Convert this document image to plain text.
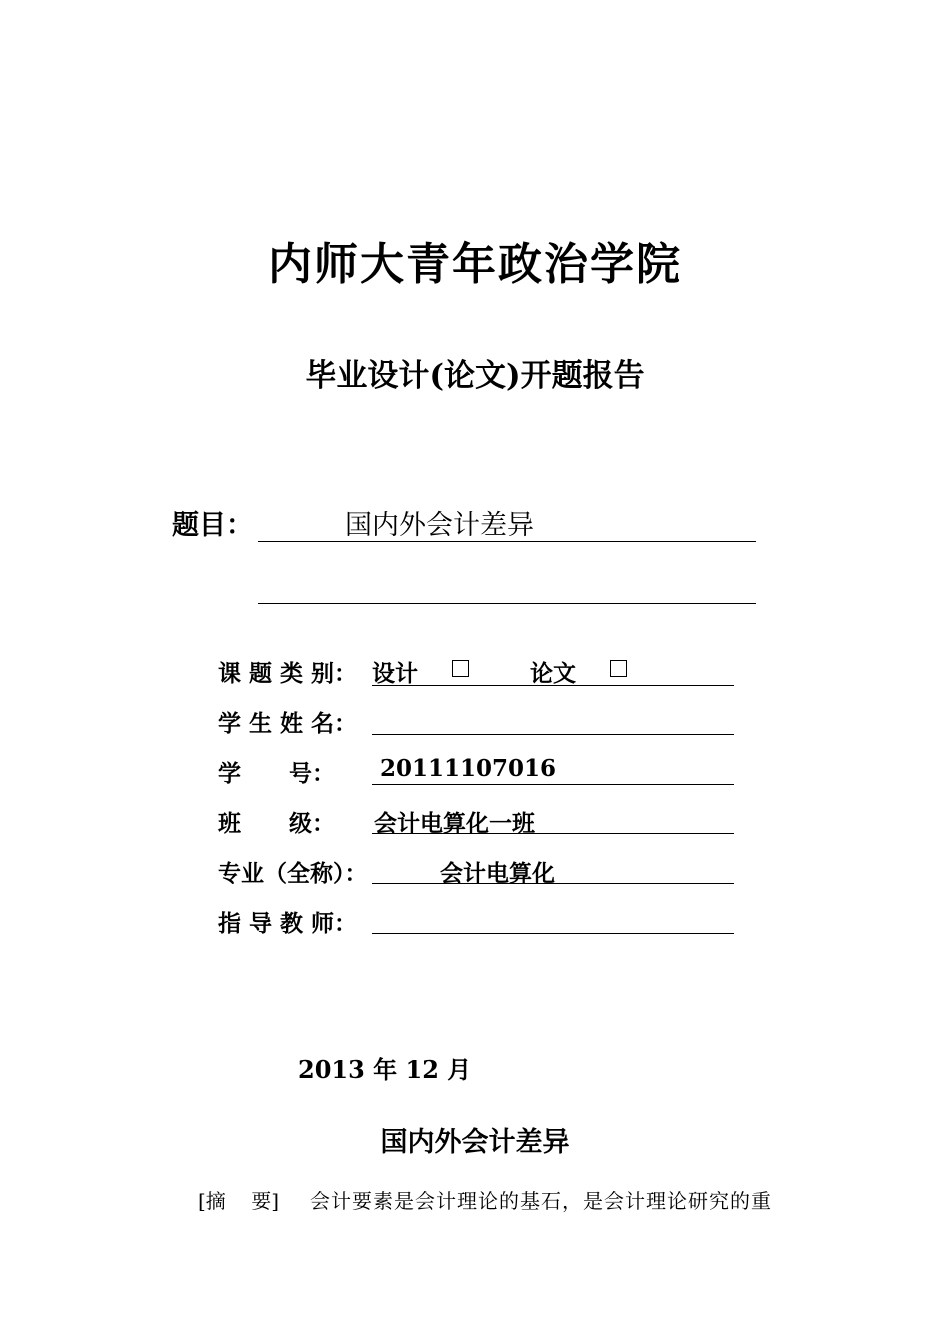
内师大青年政治学院
毕业设计(论文)开题报告
题目：	国内外会计差异
课 题 类 别： 设计	论文
学 生 姓 名：
学      号： 20111107016
班      级： 会计电算化一班
专业（全称）：	会计电算化
指 导 教 师：
2013 年 12 月
国内外会计差异
[摘    要] 会计要素是会计理论的基石，是会计理论研究的重
